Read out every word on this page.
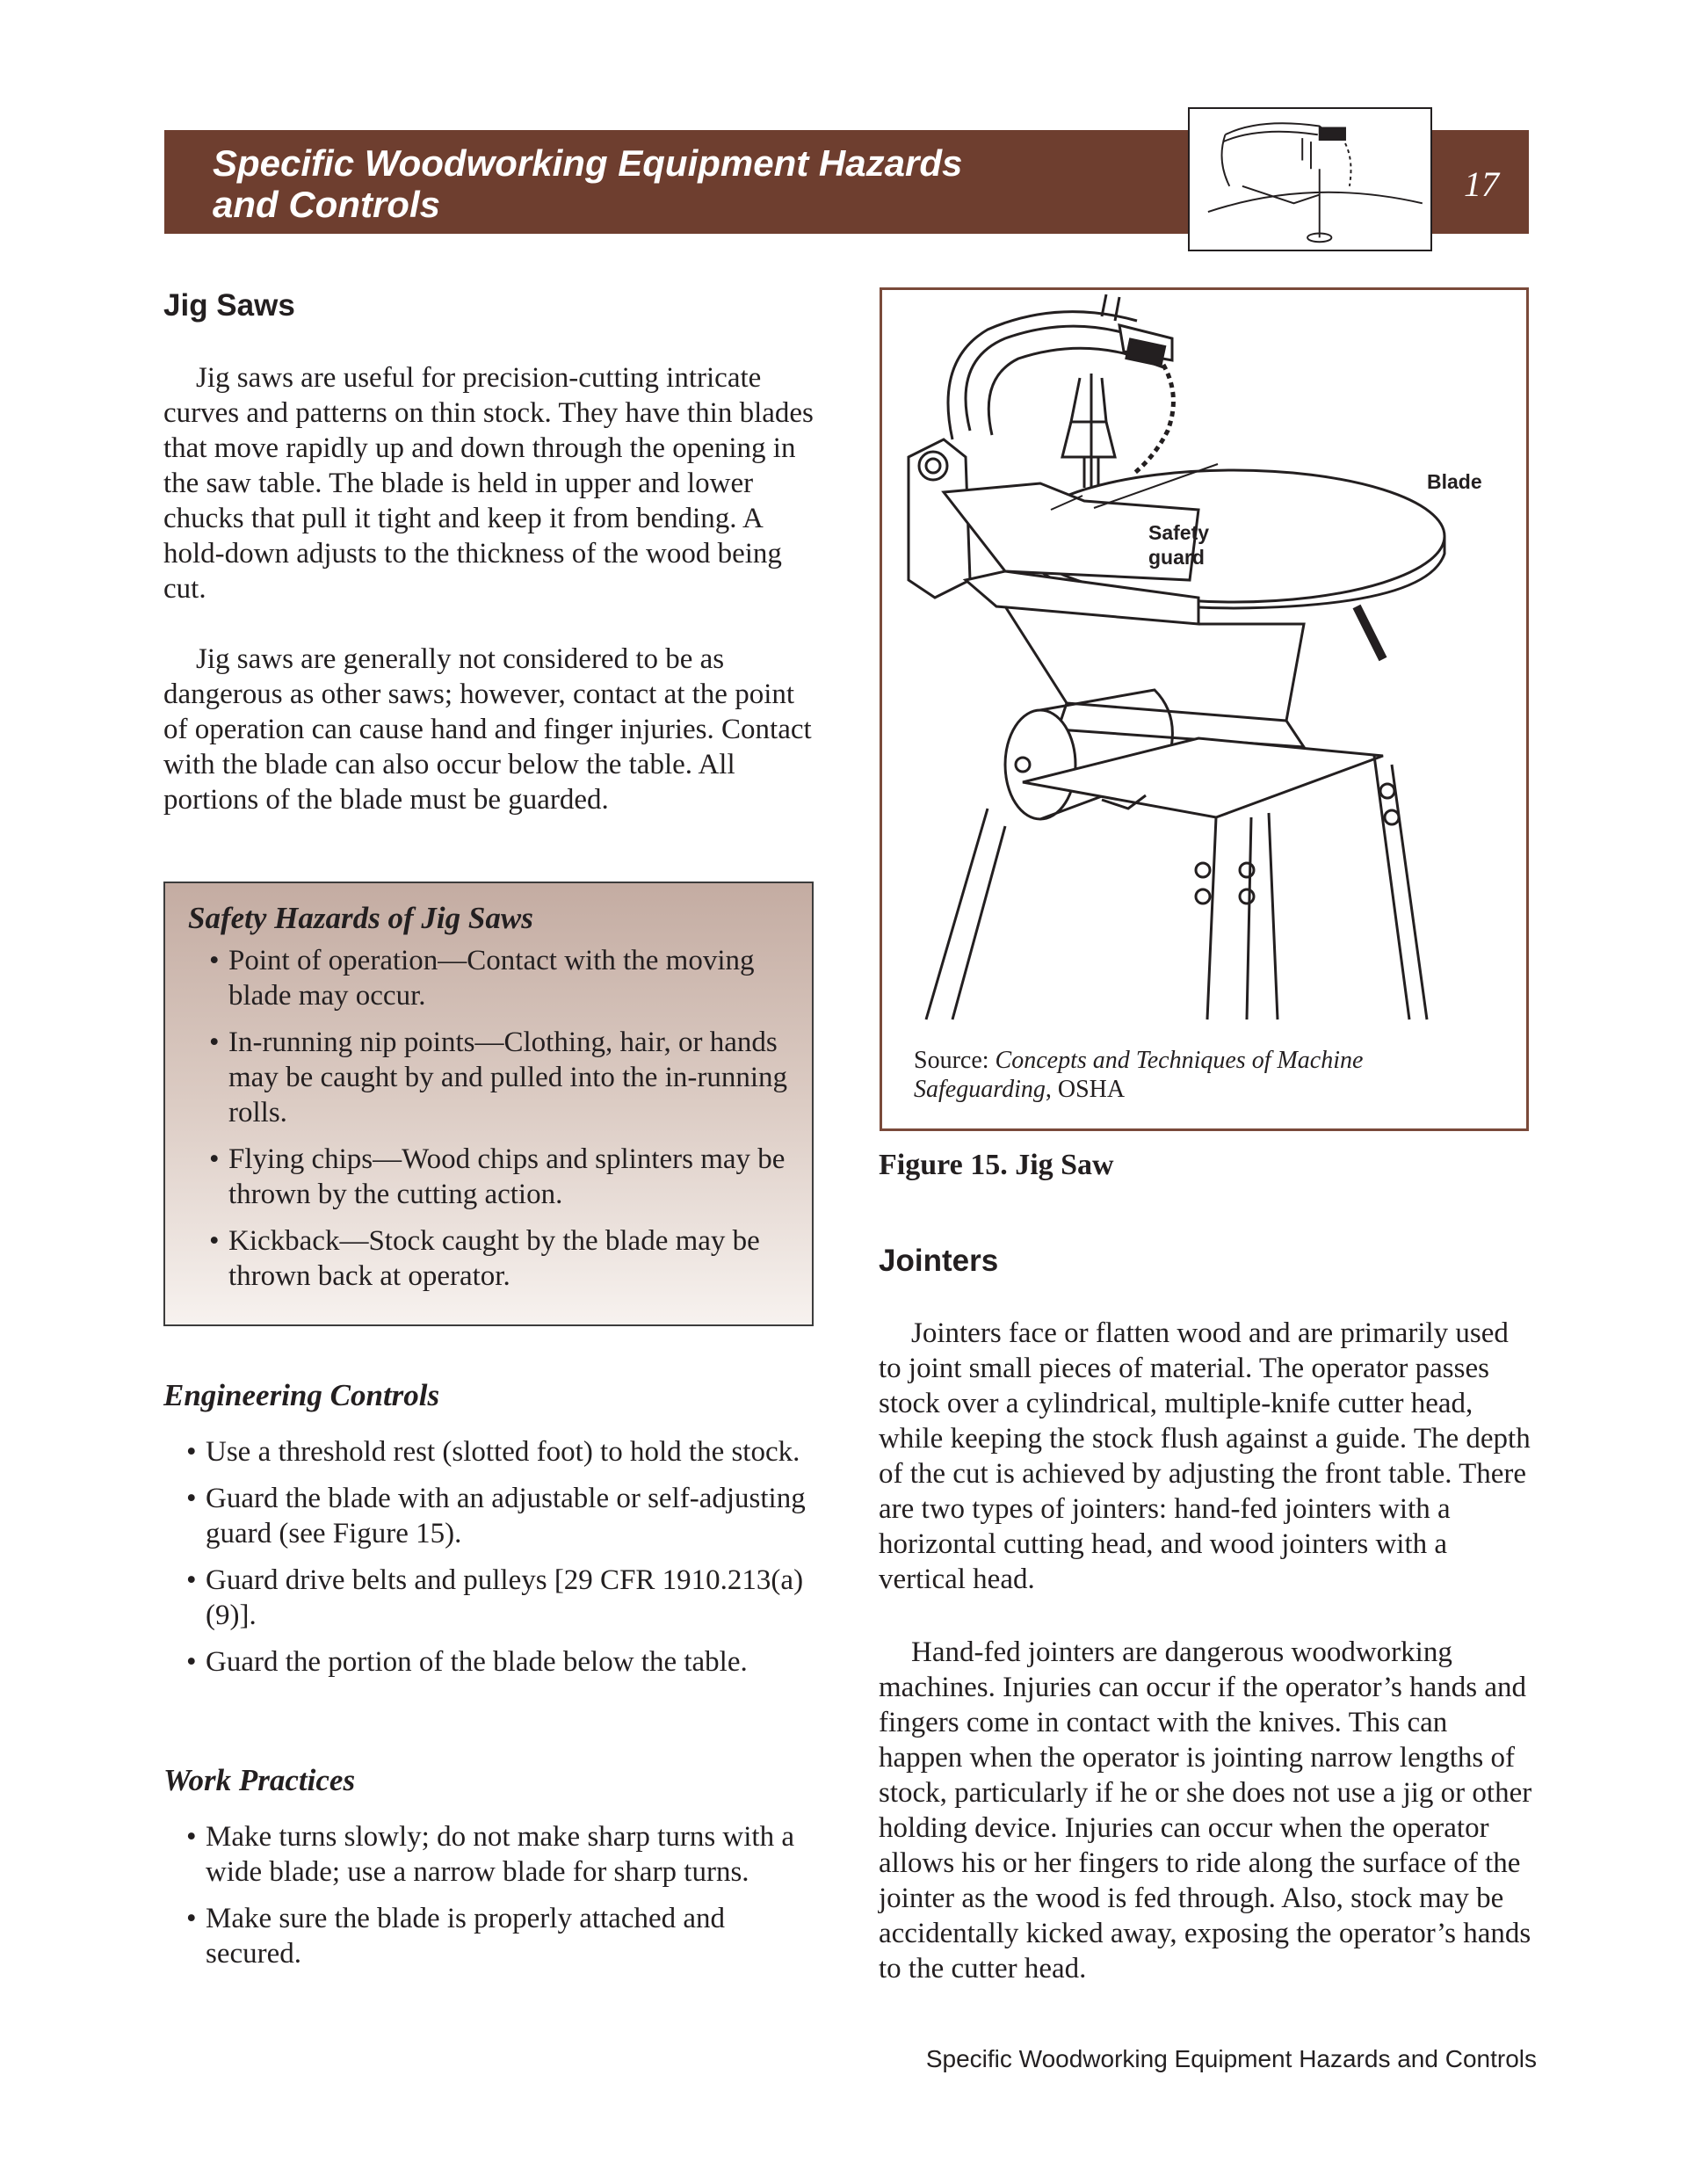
Specific Woodworking Equipment Hazards
and Controls	17
Jig Saws

Jig saws are useful for precision-cutting intricate curves and patterns on thin stock. They have thin blades that move rapidly up and down through the opening in the saw table. The blade is held in upper and lower chucks that pull it tight and keep it from bending. A hold-down adjusts to the thickness of the wood being cut.

Jig saws are generally not considered to be as dangerous as other saws; however, contact at the point of operation can cause hand and finger injuries. Contact with the blade can also occur below the table. All portions of the blade must be guarded.

Safety Hazards of Jig Saws
• Point of operation—Contact with the moving blade may occur.
• In-running nip points—Clothing, hair, or hands may be caught by and pulled into the in-running rolls.
• Flying chips—Wood chips and splinters may be thrown by the cutting action.
• Kickback—Stock caught by the blade may be thrown back at operator.
Engineering Controls
• Use a threshold rest (slotted foot) to hold the stock.
• Guard the blade with an adjustable or self-adjusting guard (see Figure 15).
• Guard drive belts and pulleys [29 CFR 1910.213(a)(9)].
• Guard the portion of the blade below the table.
Work Practices
• Make turns slowly; do not make sharp turns with a wide blade; use a narrow blade for sharp turns.
• Make sure the blade is properly attached and secured.
Safety
guard
Blade

Source: Concepts and Techniques of Machine Safeguarding, OSHA

Figure 15. Jig Saw

Jointers

Jointers face or flatten wood and are primarily used to joint small pieces of material. The operator passes stock over a cylindrical, multiple-knife cutter head, while keeping the stock flush against a guide. The depth of the cut is achieved by adjusting the front table. There are two types of jointers: hand-fed jointers with a horizontal cutting head, and wood jointers with a vertical head.

Hand-fed jointers are dangerous woodworking machines. Injuries can occur if the operator’s hands and fingers come in contact with the knives. This can happen when the operator is jointing narrow lengths of stock, particularly if he or she does not use a jig or other holding device. Injuries can occur when the operator allows his or her fingers to ride along the surface of the jointer as the wood is fed through. Also, stock may be accidentally kicked away, exposing the operator’s hands to the cutter head.

Specific Woodworking Equipment Hazards and Controls
